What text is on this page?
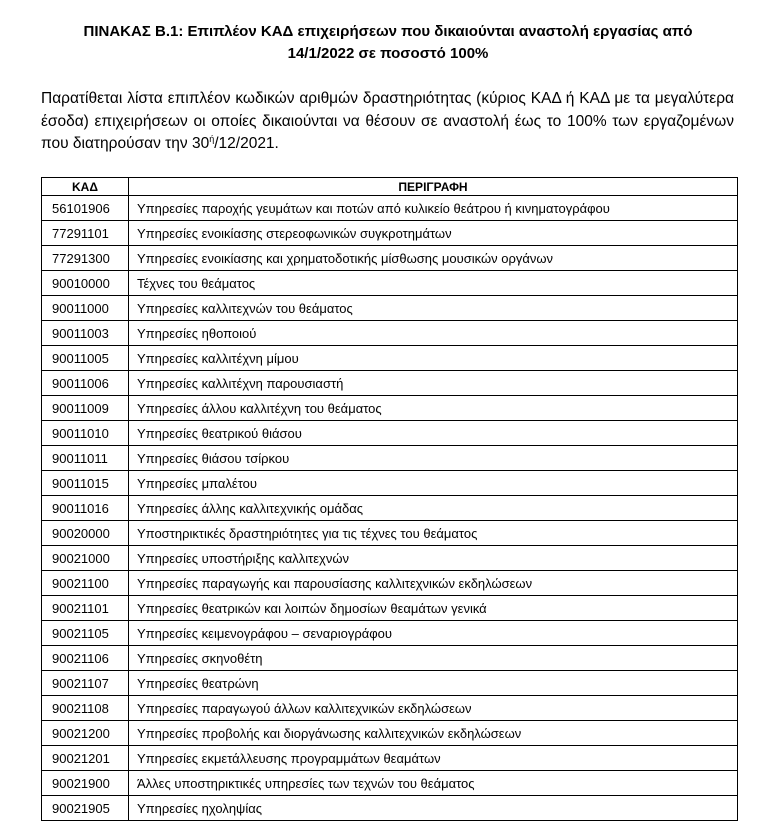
ΠΙΝΑΚΑΣ Β.1: Επιπλέον ΚΑΔ επιχειρήσεων που δικαιούνται αναστολή εργασίας από
14/1/2022 σε ποσοστό 100%
Παρατίθεται λίστα επιπλέον κωδικών αριθμών δραστηριότητας (κύριος ΚΑΔ ή ΚΑΔ με τα μεγαλύτερα έσοδα) επιχειρήσεων οι οποίες δικαιούνται να θέσουν σε αναστολή έως το 100% των εργαζομένων που διατηρούσαν την $30^ή/12/2021$.
ΚΑΔ	ΠΕΡΙΓΡΑΦΗ
56101906	Υπηρεσίες παροχής γευμάτων και ποτών από κυλικείο θεάτρου ή κινηματογράφου
77291101	Υπηρεσίες ενοικίασης στερεοφωνικών συγκροτημάτων
77291300	Υπηρεσίες ενοικίασης και χρηματοδοτικής μίσθωσης μουσικών οργάνων
90010000	Τέχνες του θεάματος
90011000	Υπηρεσίες καλλιτεχνών του θεάματος
90011003	Υπηρεσίες ηθοποιού
90011005	Υπηρεσίες καλλιτέχνη μίμου
90011006	Υπηρεσίες καλλιτέχνη παρουσιαστή
90011009	Υπηρεσίες άλλου καλλιτέχνη του θεάματος
90011010	Υπηρεσίες θεατρικού θιάσου
90011011	Υπηρεσίες θιάσου τσίρκου
90011015	Υπηρεσίες μπαλέτου
90011016	Υπηρεσίες άλλης καλλιτεχνικής ομάδας
90020000	Υποστηρικτικές δραστηριότητες για τις τέχνες του θεάματος
90021000	Υπηρεσίες υποστήριξης καλλιτεχνών
90021100	Υπηρεσίες παραγωγής και παρουσίασης καλλιτεχνικών εκδηλώσεων
90021101	Υπηρεσίες θεατρικών και λοιπών δημοσίων θεαμάτων γενικά
90021105	Υπηρεσίες κειμενογράφου – σεναριογράφου
90021106	Υπηρεσίες σκηνοθέτη
90021107	Υπηρεσίες θεατρώνη
90021108	Υπηρεσίες παραγωγού άλλων καλλιτεχνικών εκδηλώσεων
90021200	Υπηρεσίες προβολής και διοργάνωσης καλλιτεχνικών εκδηλώσεων
90021201	Υπηρεσίες εκμετάλλευσης προγραμμάτων θεαμάτων
90021900	Άλλες υποστηρικτικές υπηρεσίες των τεχνών του θεάματος
90021905	Υπηρεσίες ηχοληψίας
